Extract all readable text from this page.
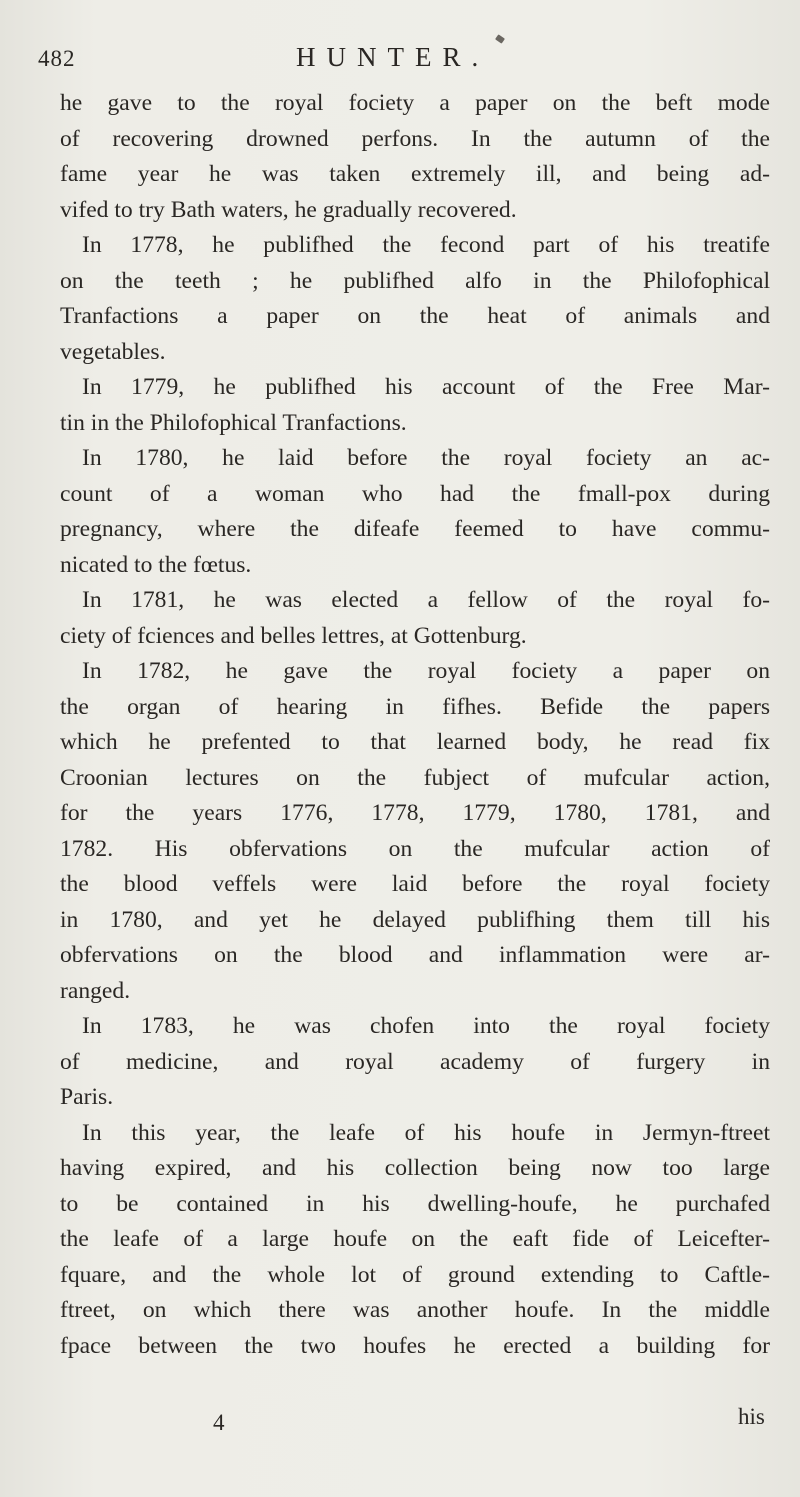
482	HUNTER.
he gave to the royal fociety a paper on the beft mode
of recovering drowned perfons. In the autumn of the
fame year he was taken extremely ill, and being ad-
vifed to try Bath waters, he gradually recovered.
In 1778, he publifhed the fecond part of his treatife
on the teeth ; he publifhed alfo in the Philofophical
Tranfactions a paper on the heat of animals and
vegetables.
In 1779, he publifhed his account of the Free Mar-
tin in the Philofophical Tranfactions.
In 1780, he laid before the royal fociety an ac-
count of a woman who had the fmall-pox during
pregnancy, where the difeafe feemed to have commu-
nicated to the fœtus.
In 1781, he was elected a fellow of the royal fo-
ciety of fciences and belles lettres, at Gottenburg.
In 1782, he gave the royal fociety a paper on
the organ of hearing in fifhes. Befide the papers
which he prefented to that learned body, he read fix
Croonian lectures on the fubject of mufcular action,
for the years 1776, 1778, 1779, 1780, 1781, and
1782. His obfervations on the mufcular action of
the blood veffels were laid before the royal fociety
in 1780, and yet he delayed publifhing them till his
obfervations on the blood and inflammation were ar-
ranged.
In 1783, he was chofen into the royal fociety
of medicine, and royal academy of furgery in
Paris.
In this year, the leafe of his houfe in Jermyn-ftreet
having expired, and his collection being now too large
to be contained in his dwelling-houfe, he purchafed
the leafe of a large houfe on the eaft fide of Leicefter-
fquare, and the whole lot of ground extending to Caftle-
ftreet, on which there was another houfe. In the middle
fpace between the two houfes he erected a building for
4	his
